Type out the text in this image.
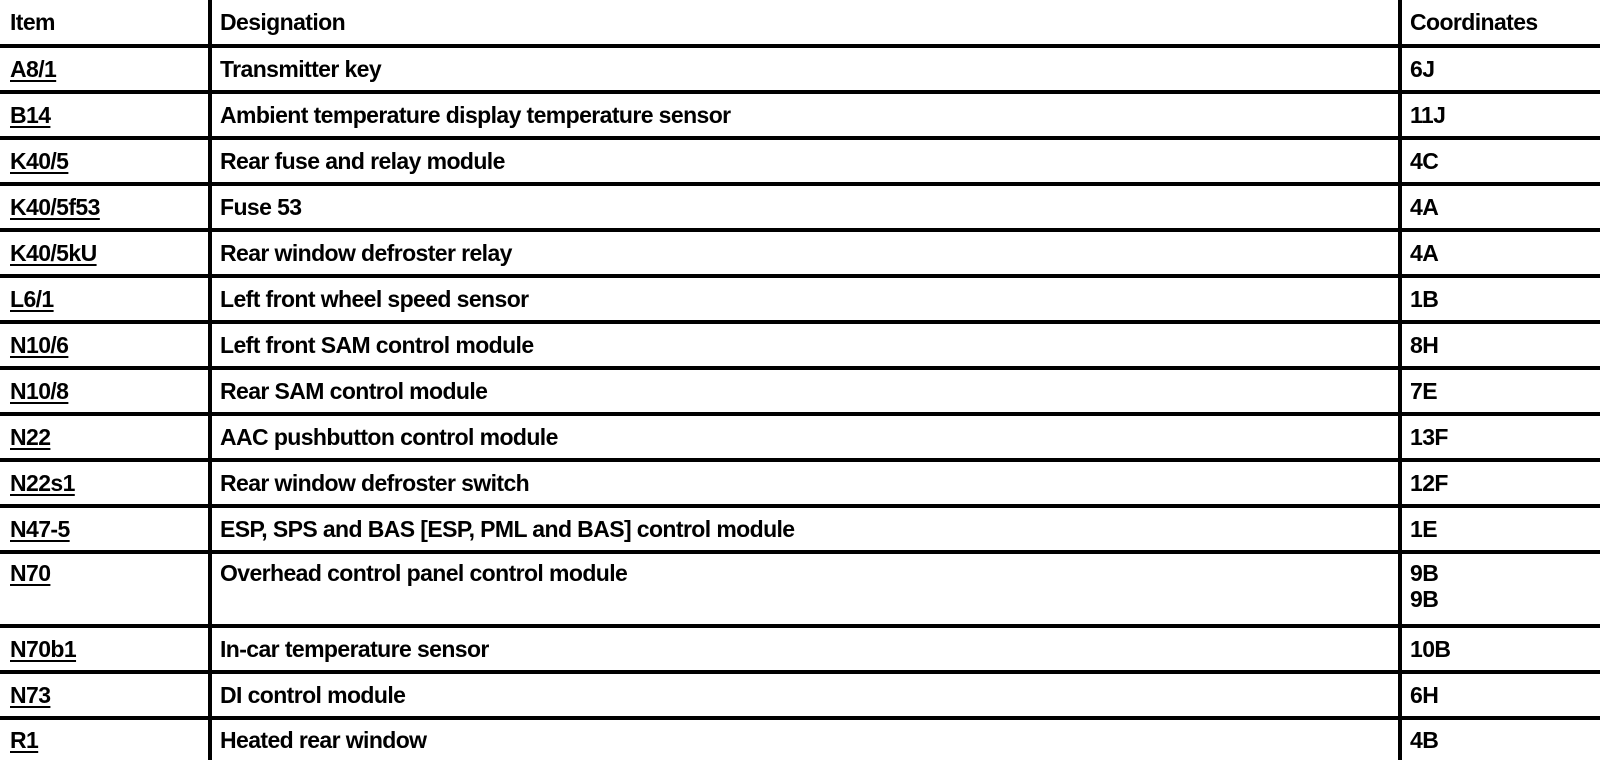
Item	Designation	Coordinates
A8/1	Transmitter key	6J
B14	Ambient temperature display temperature sensor	11J
K40/5	Rear fuse and relay module	4C
K40/5f53	Fuse 53	4A
K40/5kU	Rear window defroster relay	4A
L6/1	Left front wheel speed sensor	1B
N10/6	Left front SAM control module	8H
N10/8	Rear SAM control module	7E
N22	AAC pushbutton control module	13F
N22s1	Rear window defroster switch	12F
N47-5	ESP, SPS and BAS [ESP, PML and BAS] control module	1E
N70	Overhead control panel control module	9B
9B

N70b1	In-car temperature sensor	10B
N73	DI control module	6H
R1	Heated rear window	4B
